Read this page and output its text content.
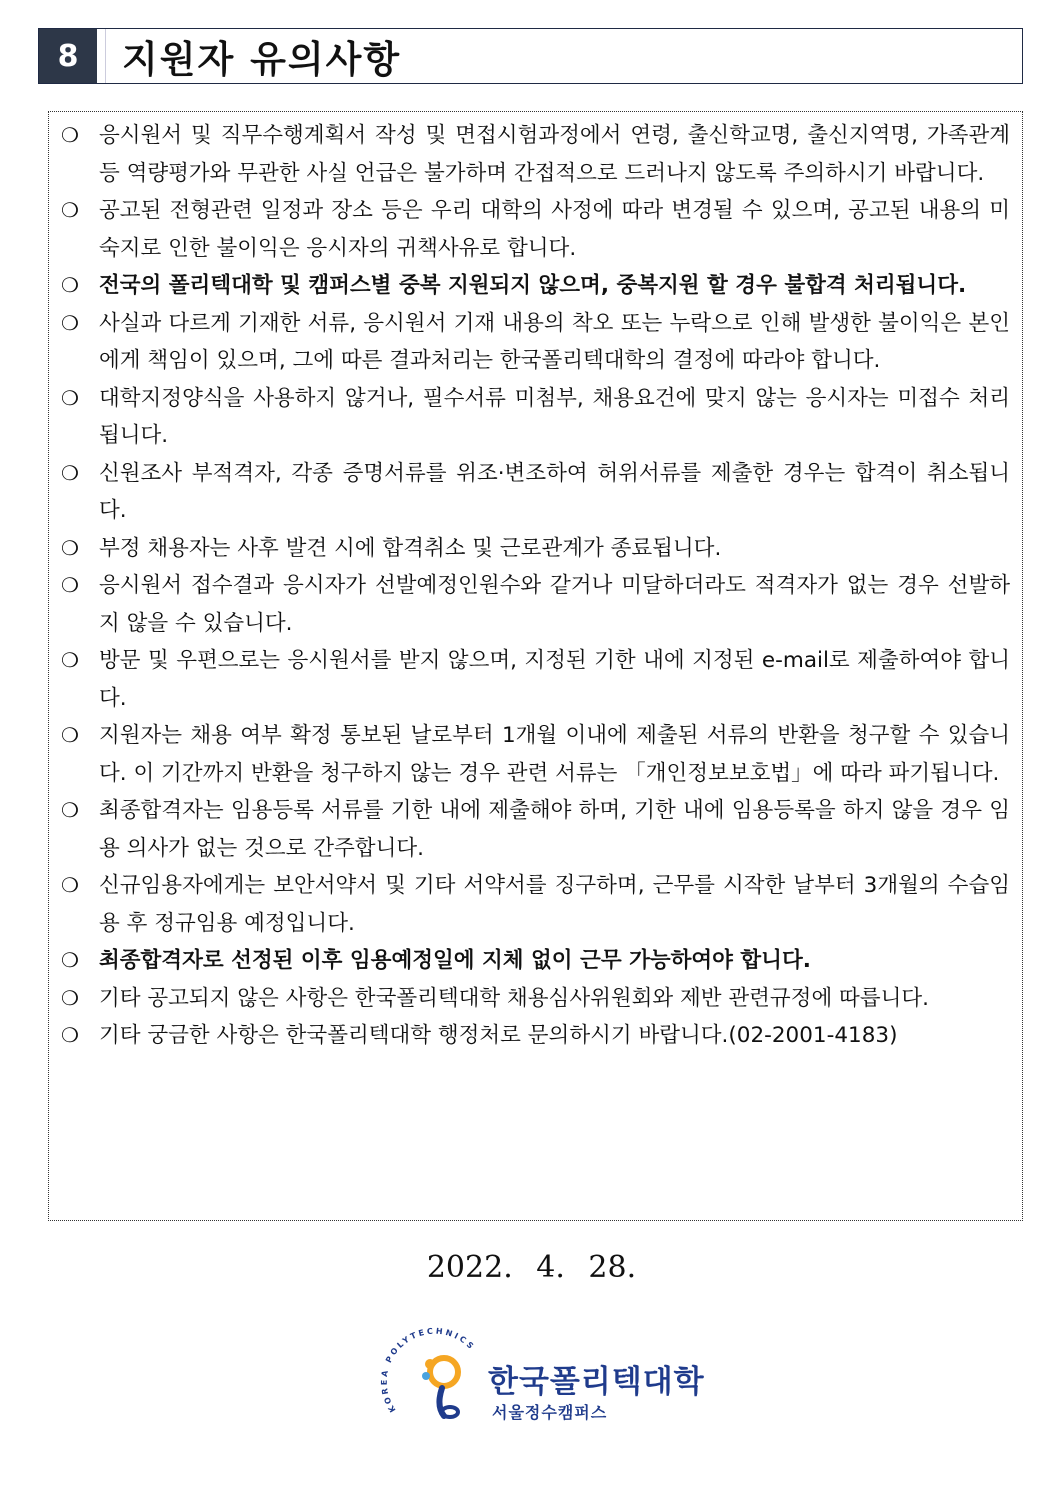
8	지원자 유의사항
❍ 응시원서 및 직무수행계획서 작성 및 면접시험과정에서 연령, 출신학교명, 출신지역명, 가족관계 등 역량평가와 무관한 사실 언급은 불가하며 간접적으로 드러나지 않도록 주의하시기 바랍니다.
❍ 공고된 전형관련 일정과 장소 등은 우리 대학의 사정에 따라 변경될 수 있으며, 공고된 내용의 미숙지로 인한 불이익은 응시자의 귀책사유로 합니다.
❍ 전국의 폴리텍대학 및 캠퍼스별 중복 지원되지 않으며, 중복지원 할 경우 불합격 처리됩니다.
❍ 사실과 다르게 기재한 서류, 응시원서 기재 내용의 착오 또는 누락으로 인해 발생한 불이익은 본인에게 책임이 있으며, 그에 따른 결과처리는 한국폴리텍대학의 결정에 따라야 합니다.
❍ 대학지정양식을 사용하지 않거나, 필수서류 미첨부, 채용요건에 맞지 않는 응시자는 미접수 처리됩니다.
❍ 신원조사 부적격자, 각종 증명서류를 위조·변조하여 허위서류를 제출한 경우는 합격이 취소됩니다.
❍ 부정 채용자는 사후 발견 시에 합격취소 및 근로관계가 종료됩니다.
❍ 응시원서 접수결과 응시자가 선발예정인원수와 같거나 미달하더라도 적격자가 없는 경우 선발하지 않을 수 있습니다.
❍ 방문 및 우편으로는 응시원서를 받지 않으며, 지정된 기한 내에 지정된 e-mail로 제출하여야 합니다.
❍ 지원자는 채용 여부 확정 통보된 날로부터 1개월 이내에 제출된 서류의 반환을 청구할 수 있습니다. 이 기간까지 반환을 청구하지 않는 경우 관련 서류는 「개인정보보호법」에 따라 파기됩니다.
❍ 최종합격자는 임용등록 서류를 기한 내에 제출해야 하며, 기한 내에 임용등록을 하지 않을 경우 임용 의사가 없는 것으로 간주합니다.
❍ 신규임용자에게는 보안서약서 및 기타 서약서를 징구하며, 근무를 시작한 날부터 3개월의 수습임용 후 정규임용 예정입니다.
❍ 최종합격자로 선정된 이후 임용예정일에 지체 없이 근무 가능하여야 합니다.
❍ 기타 공고되지 않은 사항은 한국폴리텍대학 채용심사위원회와 제반 관련규정에 따릅니다.
❍ 기타 궁금한 사항은 한국폴리텍대학 행정처로 문의하시기 바랍니다.(02-2001-4183)
2022. 4. 28.
KOREA POLYTECHNICS
한국폴리텍대학
서울정수캠퍼스
